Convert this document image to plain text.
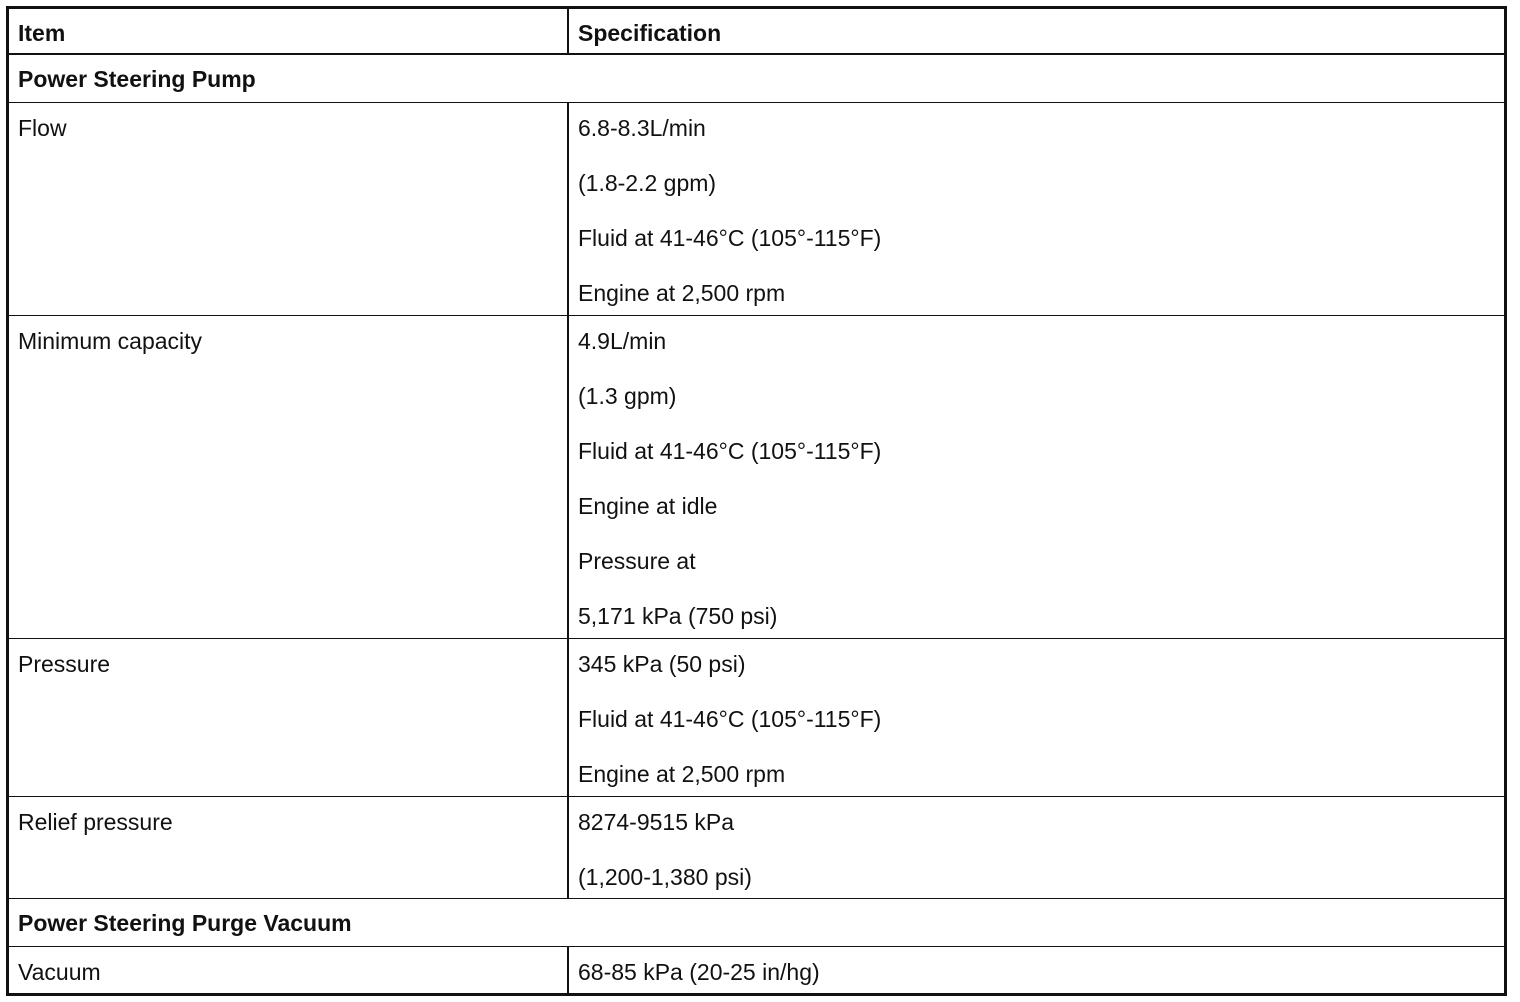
Item	Specification
Power Steering Pump
Flow	6.8-8.3L/min
(1.8-2.2 gpm)
Fluid at 41-46°C (105°-115°F)
Engine at 2,500 rpm
Minimum capacity	4.9L/min
(1.3 gpm)
Fluid at 41-46°C (105°-115°F)
Engine at idle
Pressure at
5,171 kPa (750 psi)
Pressure	345 kPa (50 psi)
Fluid at 41-46°C (105°-115°F)
Engine at 2,500 rpm
Relief pressure	8274-9515 kPa
(1,200-1,380 psi)
Power Steering Purge Vacuum
Vacuum	68-85 kPa (20-25 in/hg)
